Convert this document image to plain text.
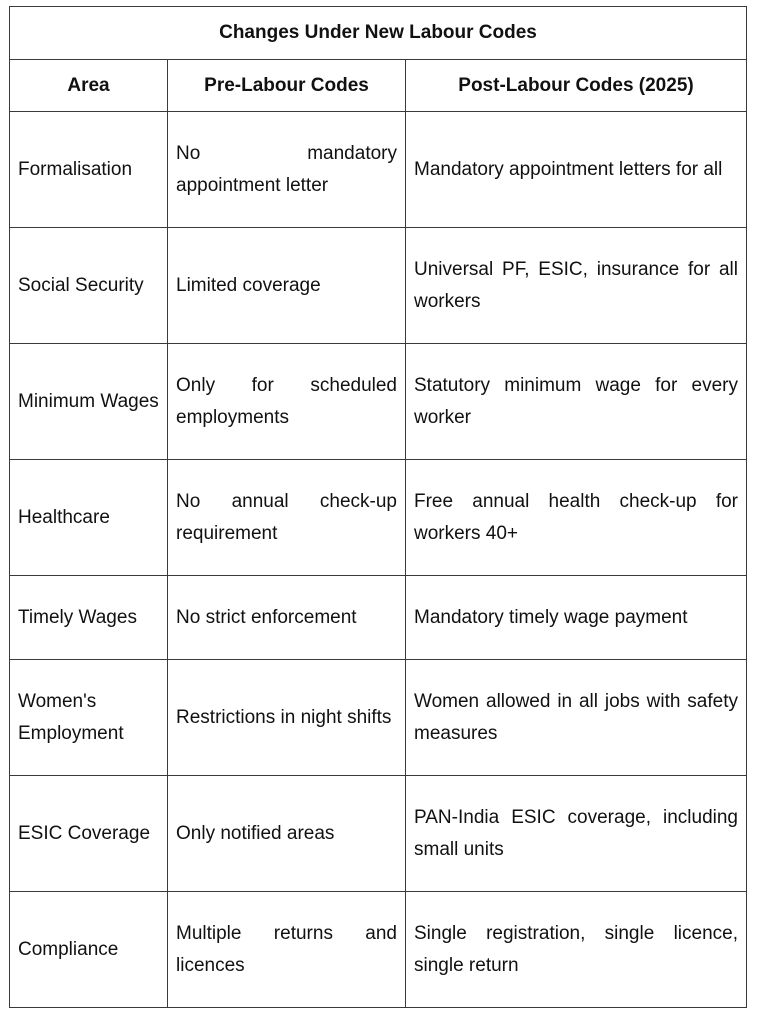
Changes Under New Labour Codes		
Area	Pre-Labour Codes	Post-Labour Codes (2025)
Formalisation	No mandatory appointment letter	Mandatory appointment letters for all
Social Security	Limited coverage	Universal PF, ESIC, insurance for all workers
Minimum Wages	Only for scheduled employments	Statutory minimum wage for every worker
Healthcare	No annual check-up requirement	Free annual health check-up for workers 40+
Timely Wages	No strict enforcement	Mandatory timely wage payment
Women's Employment	Restrictions in night shifts	Women allowed in all jobs with safety measures
ESIC Coverage	Only notified areas	PAN-India ESIC coverage, including small units
Compliance	Multiple returns and licences	Single registration, single licence, single return
